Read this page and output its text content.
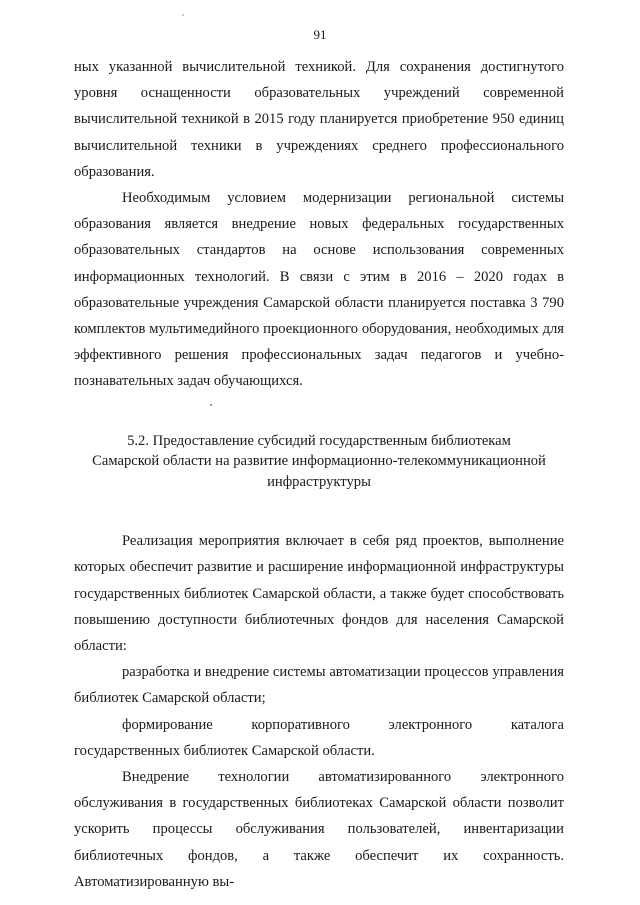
91

ных указанной вычислительной техникой. Для сохранения достигнутого уровня оснащенности образовательных учреждений современной вычислительной техникой в 2015 году планируется приобретение 950 единиц вычислительной техники в учреждениях среднего профессионального образования.

Необходимым условием модернизации региональной системы образования является внедрение новых федеральных государственных образовательных стандартов на основе использования современных информационных технологий. В связи с этим в 2016 – 2020 годах в образовательные учреждения Самарской области планируется поставка 3 790 комплектов мультимедийного проекционного оборудования, необходимых для эффективного решения профессиональных задач педагогов и учебно-познавательных задач обучающихся.

5.2. Предоставление субсидий государственным библиотекам
Самарской области на развитие информационно-телекоммуникационной
инфраструктуры

Реализация мероприятия включает в себя ряд проектов, выполнение которых обеспечит развитие и расширение информационной инфраструктуры государственных библиотек Самарской области, а также будет способствовать повышению доступности библиотечных фондов для населения Самарской области:

разработка и внедрение системы автоматизации процессов управления библиотек Самарской области;

формирование корпоративного электронного каталога государственных библиотек Самарской области.

Внедрение технологии автоматизированного электронного обслуживания в государственных библиотеках Самарской области позволит ускорить процессы обслуживания пользователей, инвентаризации библиотечных фондов, а также обеспечит их сохранность. Автоматизированную вы-
